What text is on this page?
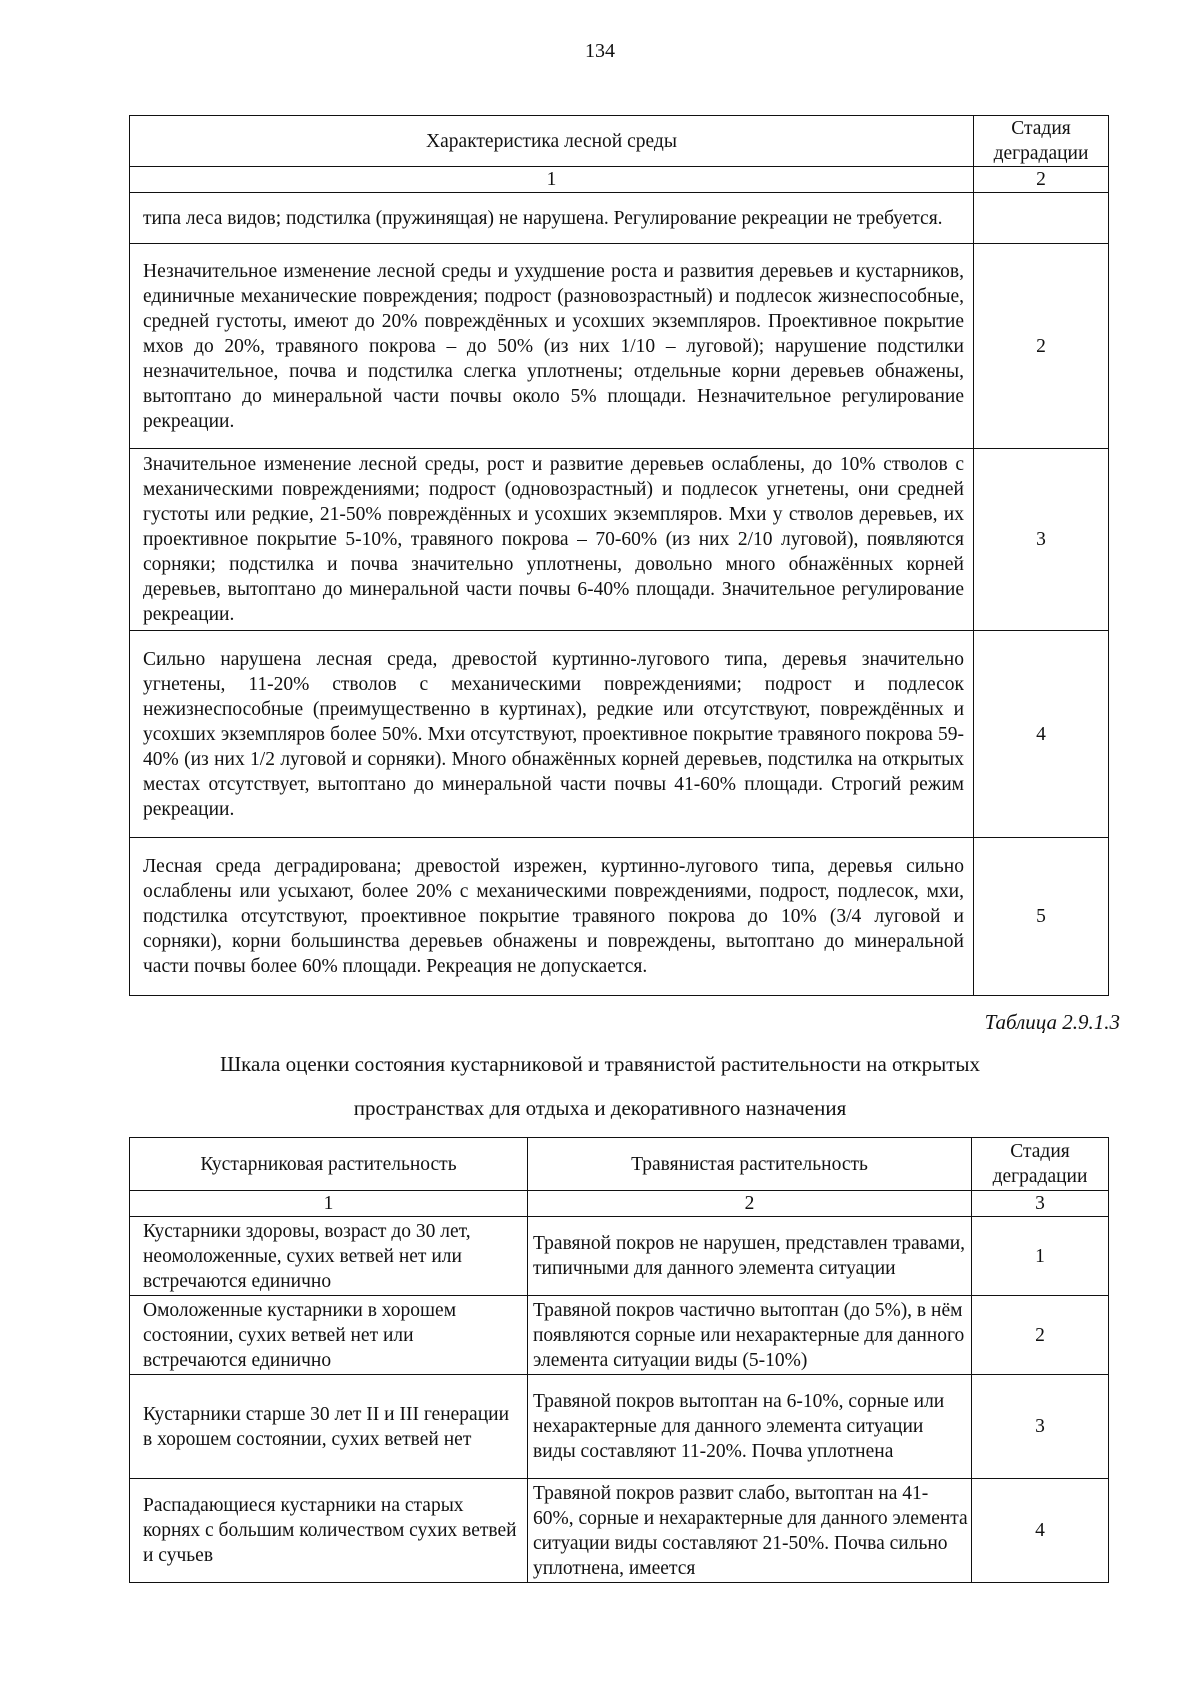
134
Характеристика лесной среды	Стадия деградации
1	2
типа леса видов; подстилка (пружинящая) не нарушена. Регулирование рекреации не требуется.	
Незначительное изменение лесной среды и ухудшение роста и развития деревьев и кустарников, единичные механические повреждения; подрост (разновозрастный) и подлесок жизнеспособные, средней густоты, имеют до 20% повреждённых и усохших экземпляров. Проективное покрытие мхов до 20%, травяного покрова – до 50% (из них 1/10 – луговой); нарушение подстилки незначительное, почва и подстилка слегка уплотнены; отдельные корни деревьев обнажены, вытоптано до минеральной части почвы около 5% площади. Незначительное регулирование рекреации.	2
Значительное изменение лесной среды, рост и развитие деревьев ослаблены, до 10% стволов с механическими повреждениями; подрост (одновозрастный) и подлесок угнетены, они средней густоты или редкие, 21-50% повреждённых и усохших экземпляров. Мхи у стволов деревьев, их проективное покрытие 5-10%, травяного покрова – 70-60% (из них 2/10 луговой), появляются сорняки; подстилка и почва значительно уплотнены, довольно много обнажённых корней деревьев, вытоптано до минеральной части почвы 6-40% площади. Значительное регулирование рекреации.	3
Сильно нарушена лесная среда, древостой куртинно-лугового типа, деревья значительно угнетены, 11-20% стволов с механическими повреждениями; подрост и подлесок нежизнеспособные (преимущественно в куртинах), редкие или отсутствуют, повреждённых и усохших экземпляров более 50%. Мхи отсутствуют, проективное покрытие травяного покрова 59-40% (из них 1/2 луговой и сорняки). Много обнажённых корней деревьев, подстилка на открытых местах отсутствует, вытоптано до минеральной части почвы 41-60% площади. Строгий режим рекреации.	4
Лесная среда деградирована; древостой изрежен, куртинно-лугового типа, деревья сильно ослаблены или усыхают, более 20% с механическими повреждениями, подрост, подлесок, мхи, подстилка отсутствуют, проективное покрытие травяного покрова до 10% (3/4 луговой и сорняки), корни большинства деревьев обнажены и повреждены, вытоптано до минеральной части почвы более 60% площади. Рекреация не допускается.	5
Таблица 2.9.1.3
Шкала оценки состояния кустарниковой и травянистой растительности на открытых
пространствах для отдыха и декоративного назначения
Кустарниковая растительность	Травянистая растительность	Стадия деградации
1	2	3
Кустарники здоровы, возраст до 30 лет, неомоложенные, сухих ветвей нет или встречаются единично	Травяной покров не нарушен, представлен травами, типичными для данного элемента ситуации	1
Омоложенные кустарники в хорошем состоянии, сухих ветвей нет или встречаются единично	Травяной покров частично вытоптан (до 5%), в нём появляются сорные или нехарактерные для данного элемента ситуации виды (5-10%)	2
Кустарники старше 30 лет II и III генерации в хорошем состоянии, сухих ветвей нет	Травяной покров вытоптан на 6-10%, сорные или нехарактерные для данного элемента ситуации виды составляют 11-20%. Почва уплотнена	3
Распадающиеся кустарники на старых корнях с большим количеством сухих ветвей и сучьев	Травяной покров развит слабо, вытоптан на 41-60%, сорные и нехарактерные для данного элемента ситуации виды составляют 21-50%. Почва сильно уплотнена, имеется	4
